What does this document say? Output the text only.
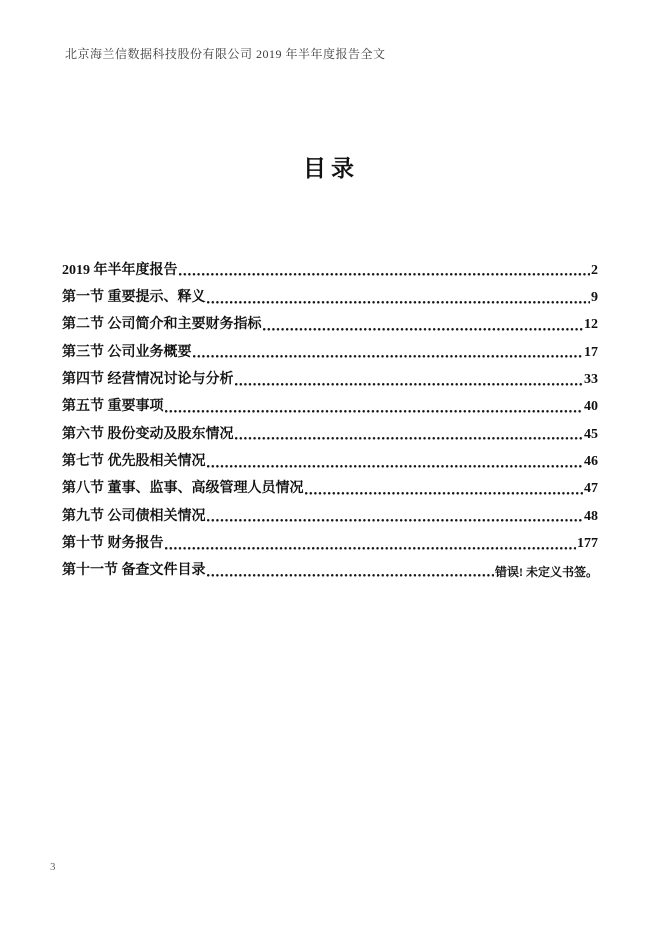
北京海兰信数据科技股份有限公司 2019 年半年度报告全文
目录
2019 年半年度报告	2
第一节 重要提示、释义	9
第二节 公司简介和主要财务指标	12
第三节 公司业务概要	17
第四节 经营情况讨论与分析	33
第五节 重要事项	40
第六节 股份变动及股东情况	45
第七节 优先股相关情况	46
第八节 董事、监事、高级管理人员情况	47
第九节 公司债相关情况	48
第十节 财务报告	177
第十一节 备查文件目录	错误! 未定义书签。
3
